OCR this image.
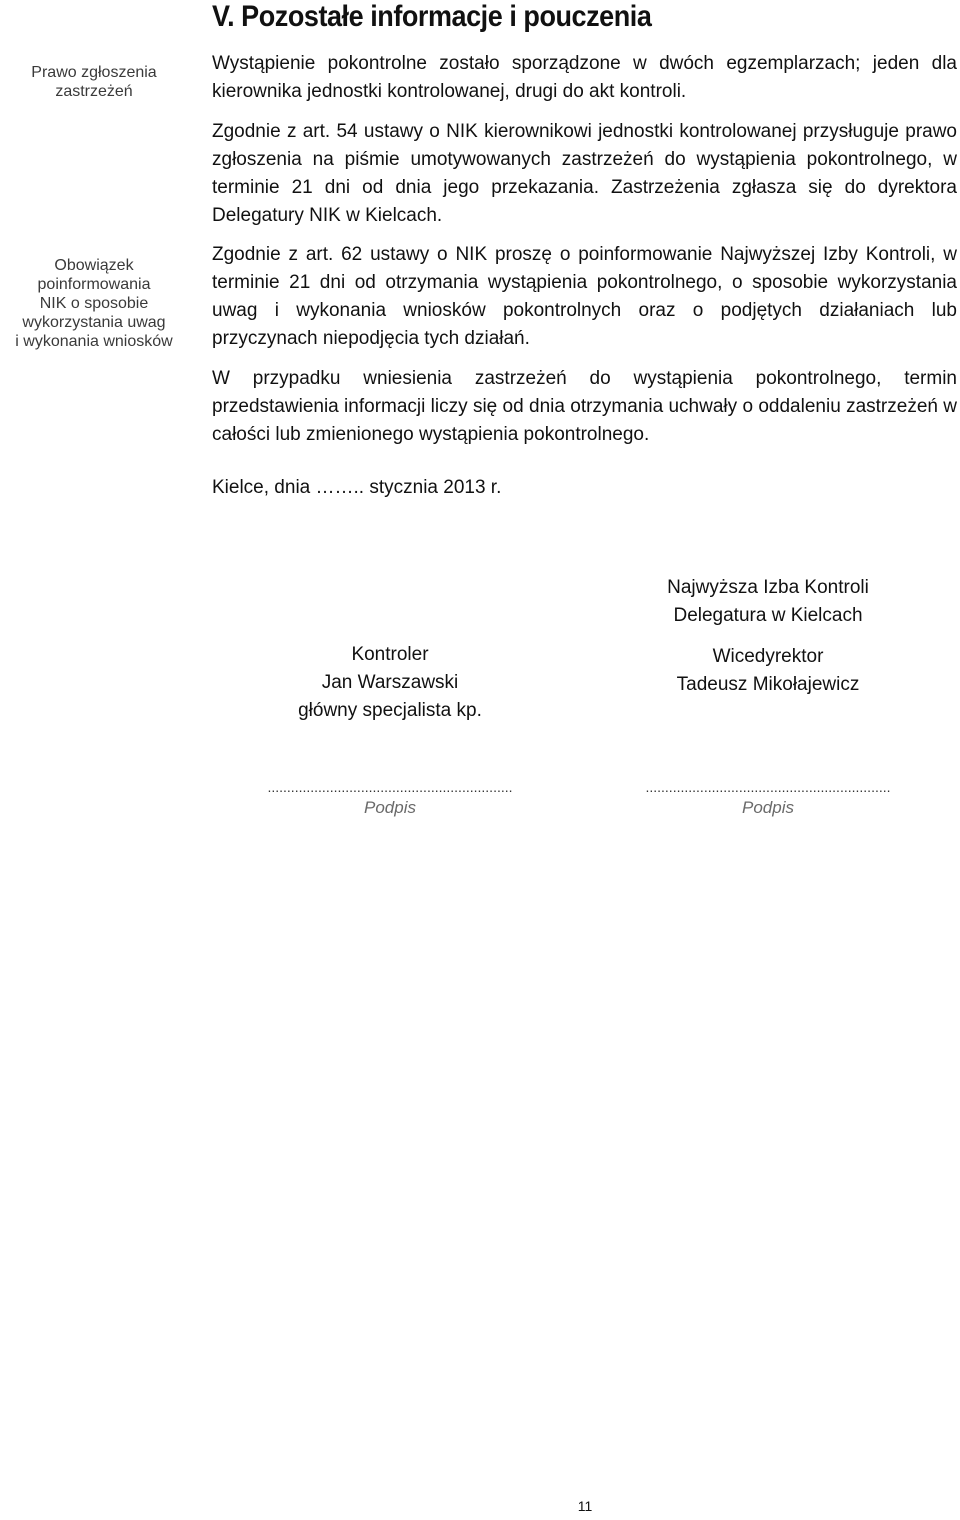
Prawo zgłoszenia zastrzeżeń
Obowiązek
poinformowania
NIK o sposobie
wykorzystania uwag
i wykonania wniosków
V. Pozostałe informacje i pouczenia
Wystąpienie pokontrolne zostało sporządzone w dwóch egzemplarzach; jeden dla kierownika jednostki kontrolowanej, drugi do akt kontroli.
Zgodnie z art. 54 ustawy o NIK kierownikowi jednostki kontrolowanej przysługuje prawo zgłoszenia na piśmie umotywowanych zastrzeżeń do wystąpienia pokontrolnego, w terminie 21 dni od dnia jego przekazania. Zastrzeżenia zgłasza się do dyrektora Delegatury NIK w Kielcach.
Zgodnie z art. 62 ustawy o NIK proszę o poinformowanie Najwyższej Izby Kontroli, w terminie 21 dni od otrzymania wystąpienia pokontrolnego, o sposobie wykorzystania uwag i wykonania wniosków pokontrolnych oraz o podjętych działaniach lub przyczynach niepodjęcia tych działań.
W przypadku wniesienia zastrzeżeń do wystąpienia pokontrolnego, termin przedstawienia informacji liczy się od dnia otrzymania uchwały o oddaleniu zastrzeżeń w całości lub zmienionego wystąpienia pokontrolnego.
Kielce, dnia …….. stycznia 2013 r.
Kontroler
Jan Warszawski
główny specjalista kp.
Najwyższa Izba Kontroli
Delegatura w Kielcach
Wicedyrektor
Tadeusz Mikołajewicz
...............................................................
Podpis
...............................................................
Podpis
11
